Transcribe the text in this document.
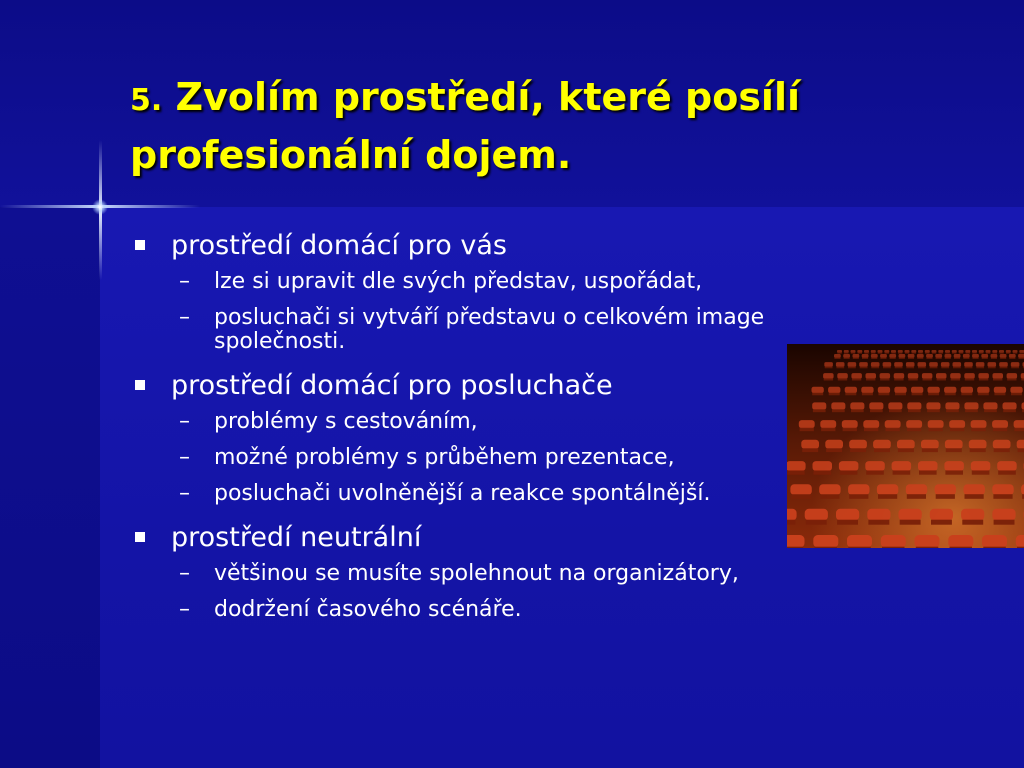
5. Zvolím prostředí, které posílí profesionální dojem.
prostředí domácí pro vás
– lze si upravit dle svých představ, uspořádat,
– posluchači si vytváří představu o celkovém image společnosti.
prostředí domácí pro posluchače
– problémy s cestováním,
– možné problémy s průběhem prezentace,
– posluchači uvolněnější a reakce spontálnější.
prostředí neutrální
– většinou se musíte spolehnout na organizátory,
– dodržení časového scénáře.
